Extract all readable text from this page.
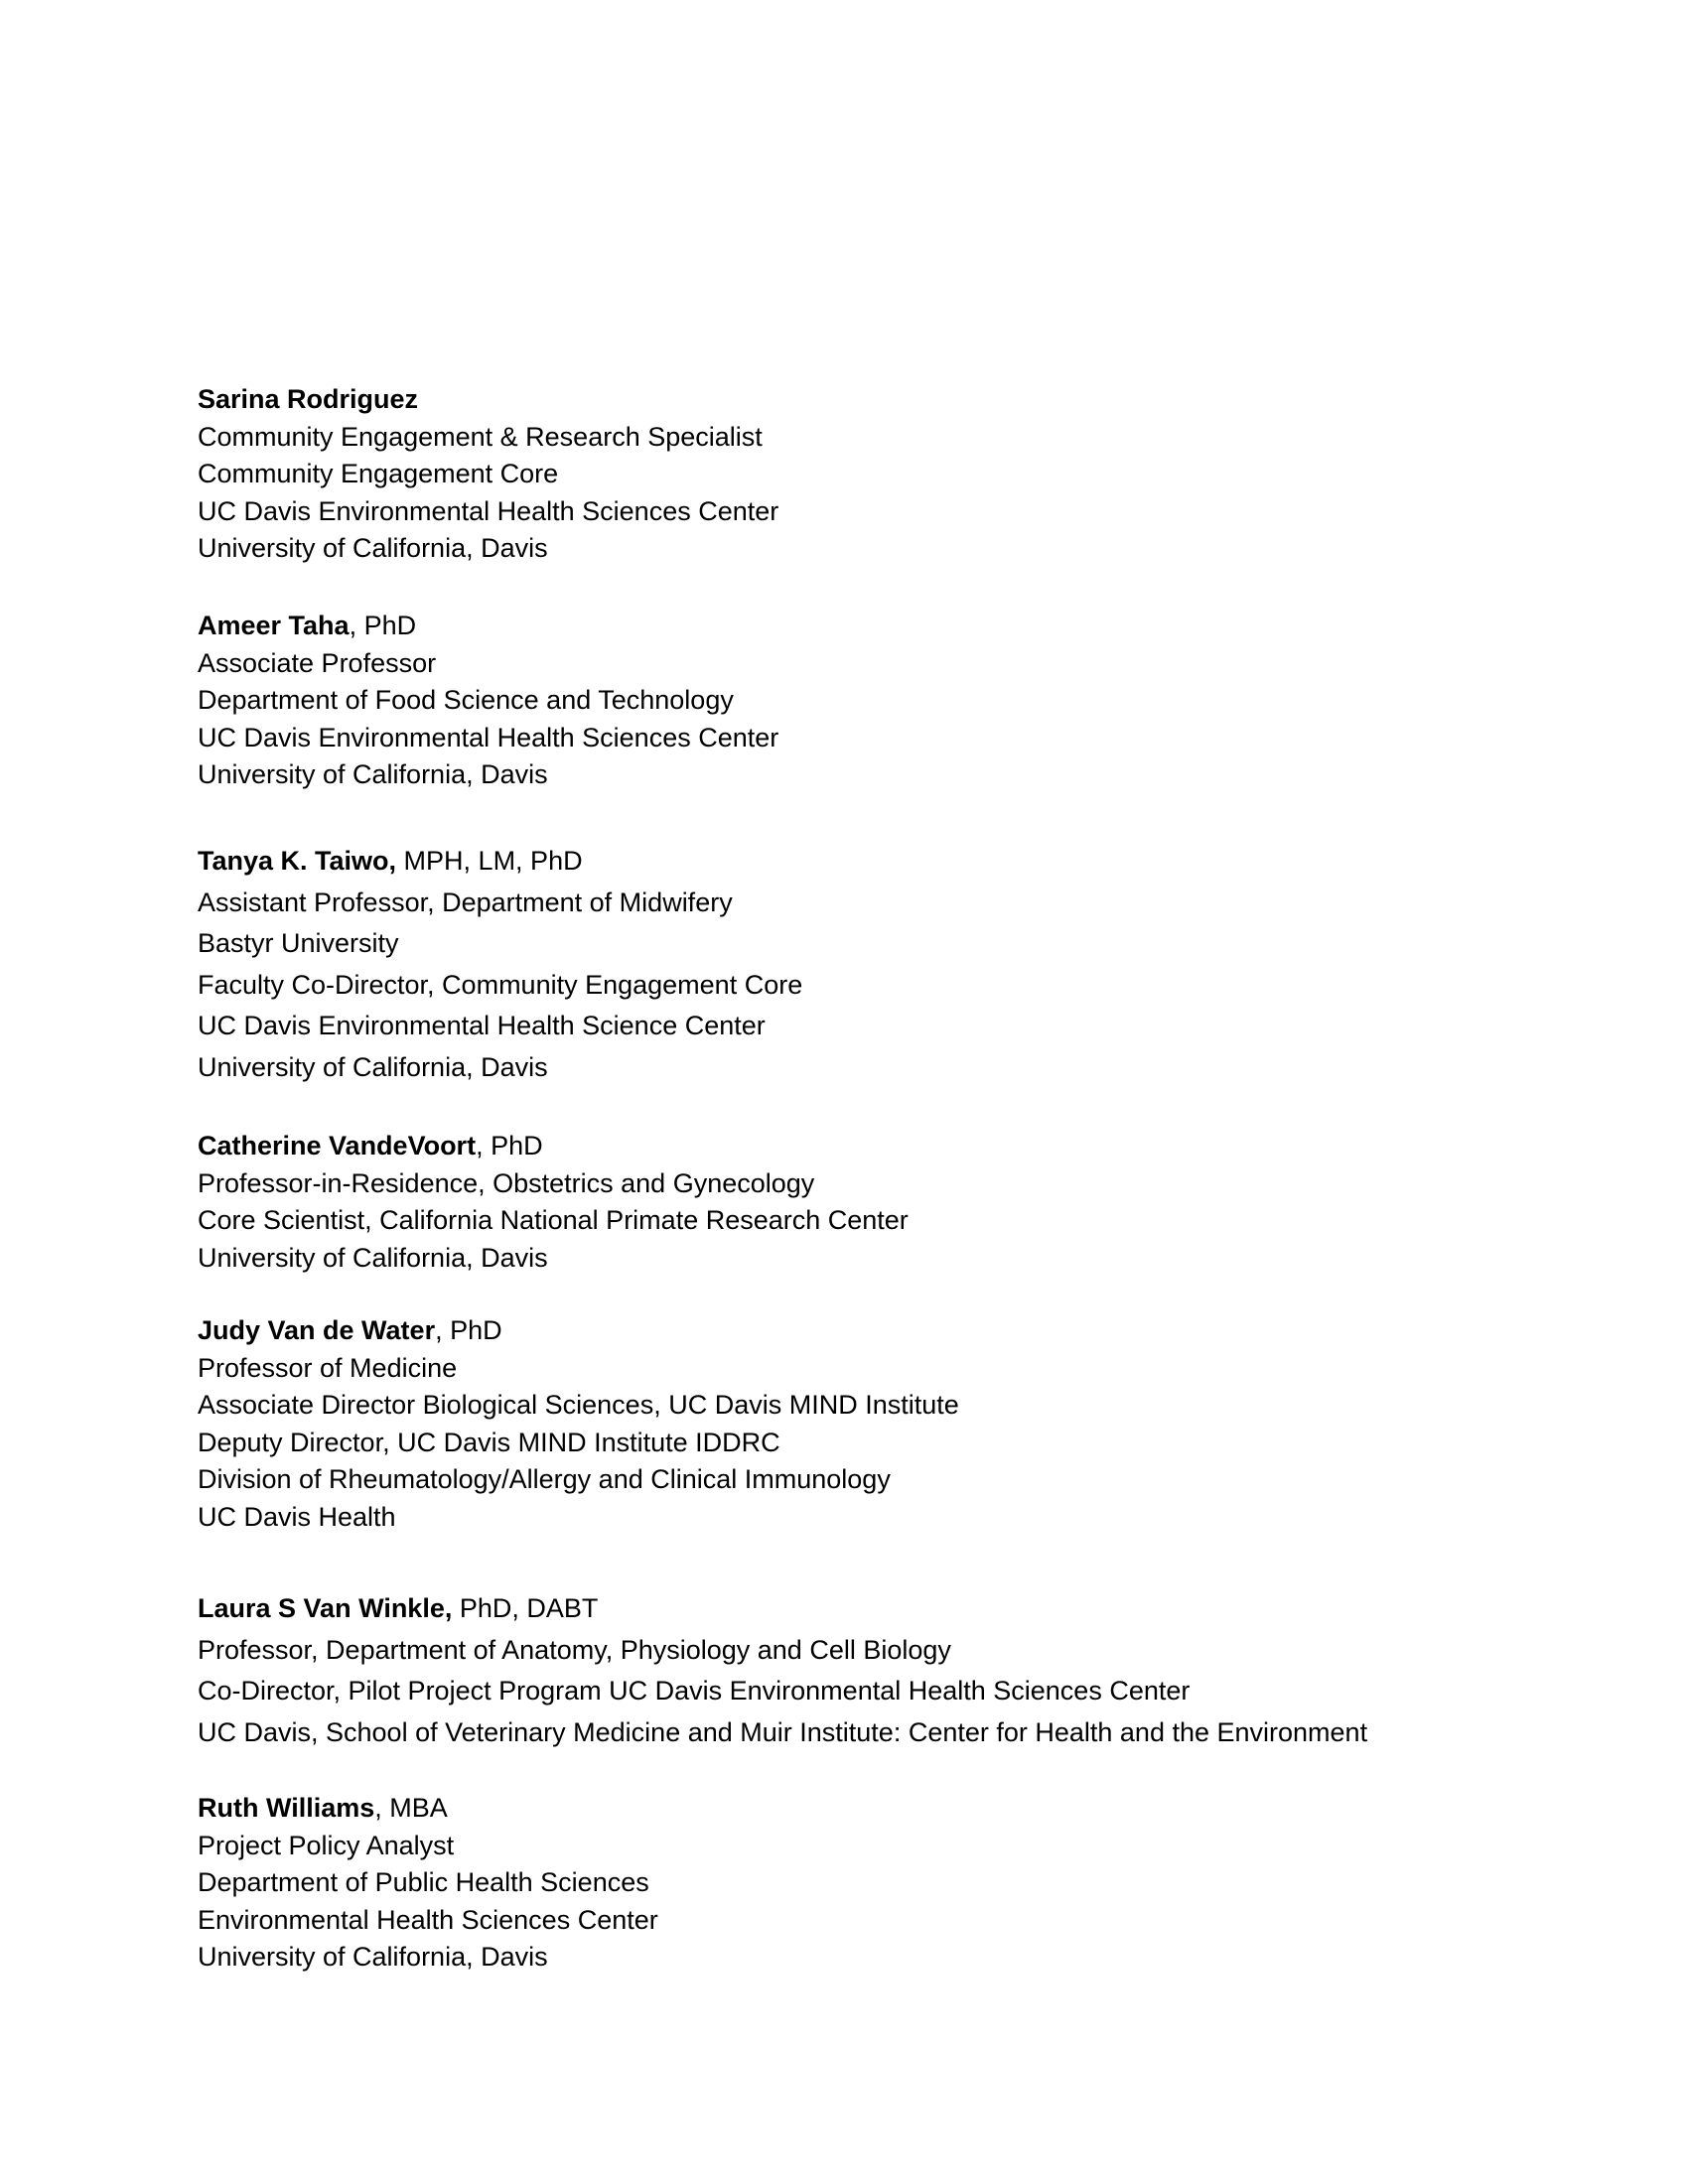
Sarina Rodriguez
Community Engagement & Research Specialist
Community Engagement Core
UC Davis Environmental Health Sciences Center
University of California, Davis
Ameer Taha, PhD
Associate Professor
Department of Food Science and Technology
UC Davis Environmental Health Sciences Center
University of California, Davis
Tanya K. Taiwo, MPH, LM, PhD
Assistant Professor, Department of Midwifery
Bastyr University
Faculty Co-Director, Community Engagement Core
UC Davis Environmental Health Science Center
University of California, Davis
Catherine VandeVoort, PhD
Professor-in-Residence, Obstetrics and Gynecology
Core Scientist, California National Primate Research Center
University of California, Davis
Judy Van de Water, PhD
Professor of Medicine
Associate Director Biological Sciences, UC Davis MIND Institute
Deputy Director, UC Davis MIND Institute IDDRC
Division of Rheumatology/Allergy and Clinical Immunology
UC Davis Health
Laura S Van Winkle, PhD, DABT
Professor, Department of Anatomy, Physiology and Cell Biology
Co-Director, Pilot Project Program UC Davis Environmental Health Sciences Center
UC Davis, School of Veterinary Medicine and Muir Institute: Center for Health and the Environment
Ruth Williams, MBA
Project Policy Analyst
Department of Public Health Sciences
Environmental Health Sciences Center
University of California, Davis
